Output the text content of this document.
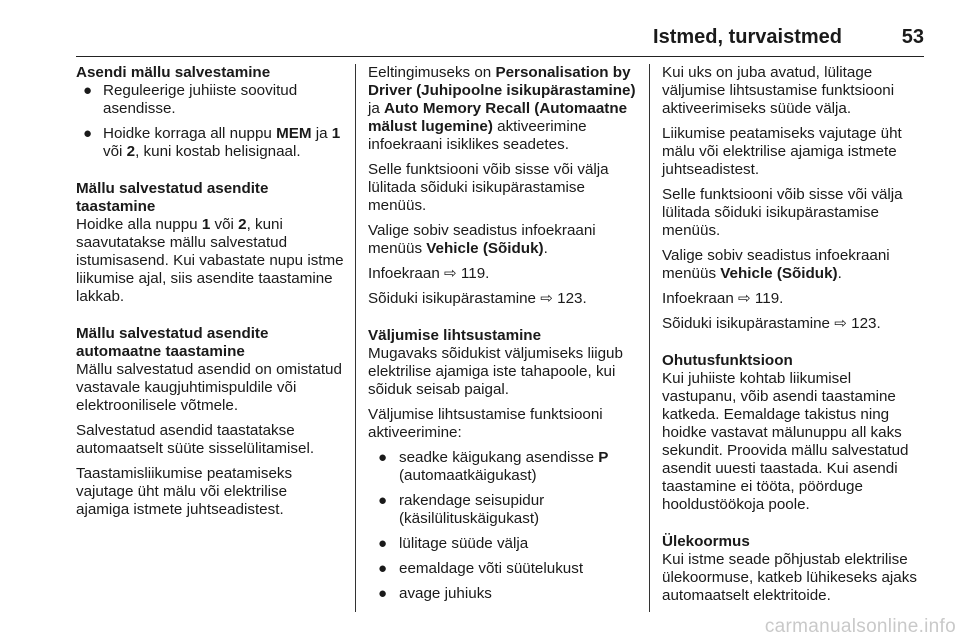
Istmed, turvaistmed	53

Asendi mällu salvestamine

● Reguleerige juhiiste soovitud asendisse.
● Hoidke korraga all nuppu MEM ja 1 või 2, kuni kostab helisignaal.

Mällu salvestatud asendite taastamine

Hoidke alla nuppu 1 või 2, kuni saavutatakse mällu salvestatud istumisasend. Kui vabastate nupu istme liikumise ajal, siis asendite taastamine lakkab.

Mällu salvestatud asendite automaatne taastamine

Mällu salvestatud asendid on omistatud vastavale kaugjuhtimispuldile või elektroonilisele võtmele.

Salvestatud asendid taastatakse automaatselt süüte sisselülitamisel.

Taastamisliikumise peatamiseks vajutage üht mälu või elektrilise ajamiga istmete juhtseadistest.

Eeltingimuseks on Personalisation by Driver (Juhipoolne isikupärastamine) ja Auto Memory Recall (Automaatne mälust lugemine) aktiveerimine infoekraani isiklikes seadetes.

Selle funktsiooni võib sisse või välja lülitada sõiduki isikupärastamise menüüs.

Valige sobiv seadistus infoekraani menüüs Vehicle (Sõiduk).

Infoekraan ⇨ 119.

Sõiduki isikupärastamine ⇨ 123.

Väljumise lihtsustamine

Mugavaks sõidukist väljumiseks liigub elektrilise ajamiga iste tahapoole, kui sõiduk seisab paigal.

Väljumise lihtsustamise funktsiooni aktiveerimine:

● seadke käigukang asendisse P (automaatkäigukast)
● rakendage seisupidur (käsilülituskäigukast)
● lülitage süüde välja
● eemaldage võti süütelukust
● avage juhiuks

Kui uks on juba avatud, lülitage väljumise lihtsustamise funktsiooni aktiveerimiseks süüde välja.

Liikumise peatamiseks vajutage üht mälu või elektrilise ajamiga istmete juhtseadistest.

Selle funktsiooni võib sisse või välja lülitada sõiduki isikupärastamise menüüs.

Valige sobiv seadistus infoekraani menüüs Vehicle (Sõiduk).

Infoekraan ⇨ 119.

Sõiduki isikupärastamine ⇨ 123.

Ohutusfunktsioon

Kui juhiiste kohtab liikumisel vastupanu, võib asendi taastamine katkeda. Eemaldage takistus ning hoidke vastavat mälunuppu all kaks sekundit. Proovida mällu salvestatud asendit uuesti taastada. Kui asendi taastamine ei tööta, pöörduge hooldustöökoja poole.

Ülekoormus

Kui istme seade põhjustab elektrilise ülekoormuse, katkeb lühikeseks ajaks automaatselt elektritoide.

carmanualsonline.info
